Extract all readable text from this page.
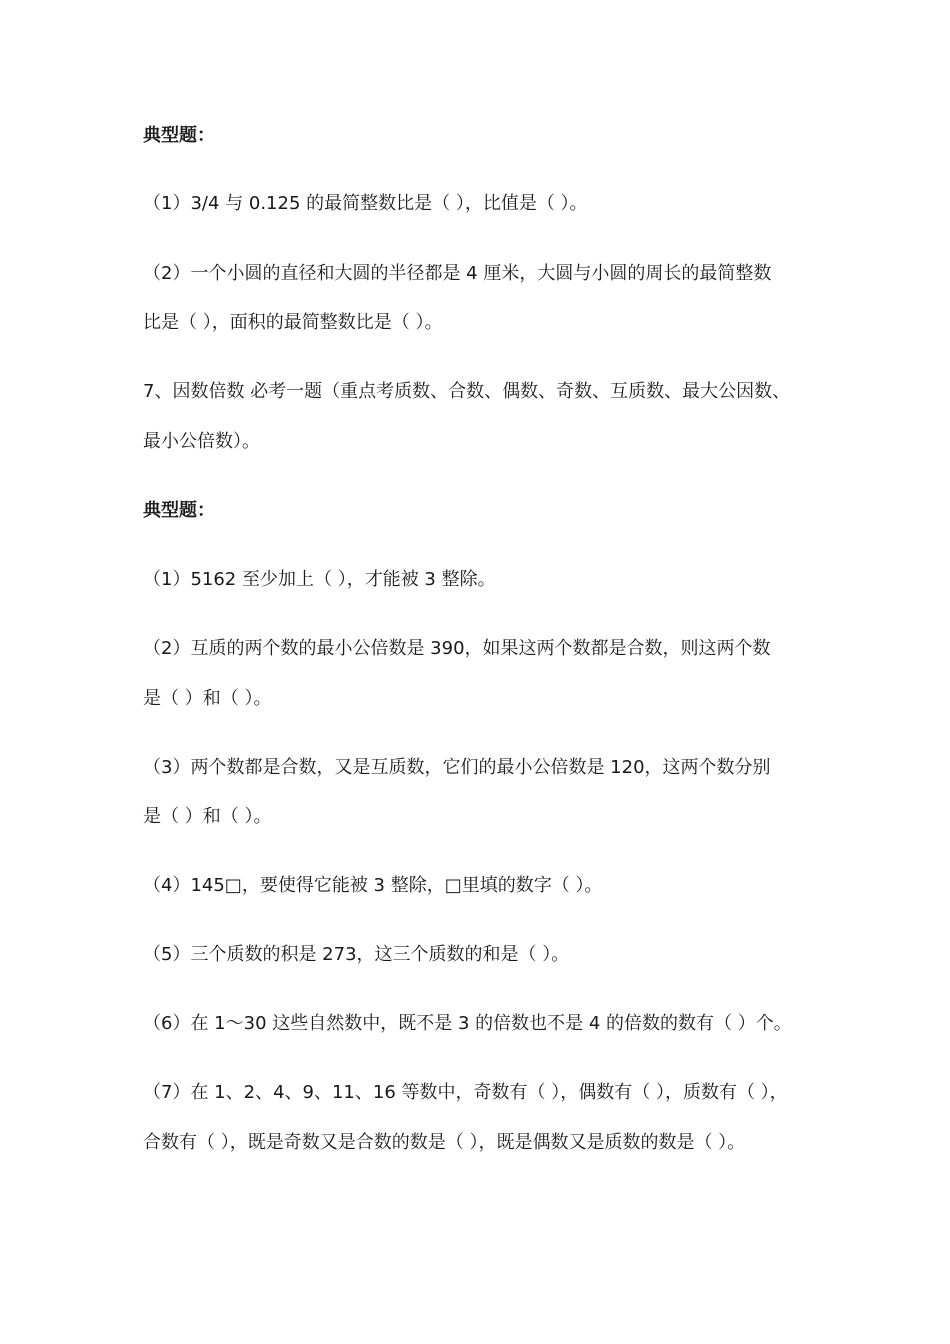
典型题：
（1）3/4 与 0.125 的最简整数比是（ ），比值是（ ）。
（2）一个小圆的直径和大圆的半径都是 4 厘米，大圆与小圆的周长的最简整数
比是（ ），面积的最简整数比是（ ）。
7、因数倍数 必考一题（重点考质数、合数、偶数、奇数、互质数、最大公因数、
最小公倍数）。
典型题：
（1）5162 至少加上（ ），才能被 3 整除。
（2）互质的两个数的最小公倍数是 390，如果这两个数都是合数，则这两个数
是（ ）和（ ）。
（3）两个数都是合数，又是互质数，它们的最小公倍数是 120，这两个数分别
是（ ）和（ ）。
（4）145□，要使得它能被 3 整除，□里填的数字（ ）。
（5）三个质数的积是 273，这三个质数的和是（ ）。
（6）在 1～30 这些自然数中，既不是 3 的倍数也不是 4 的倍数的数有（ ）个。
（7）在 1、2、4、9、11、16 等数中，奇数有（ ），偶数有（ ），质数有（ ），
合数有（ ），既是奇数又是合数的数是（ ），既是偶数又是质数的数是（ ）。
